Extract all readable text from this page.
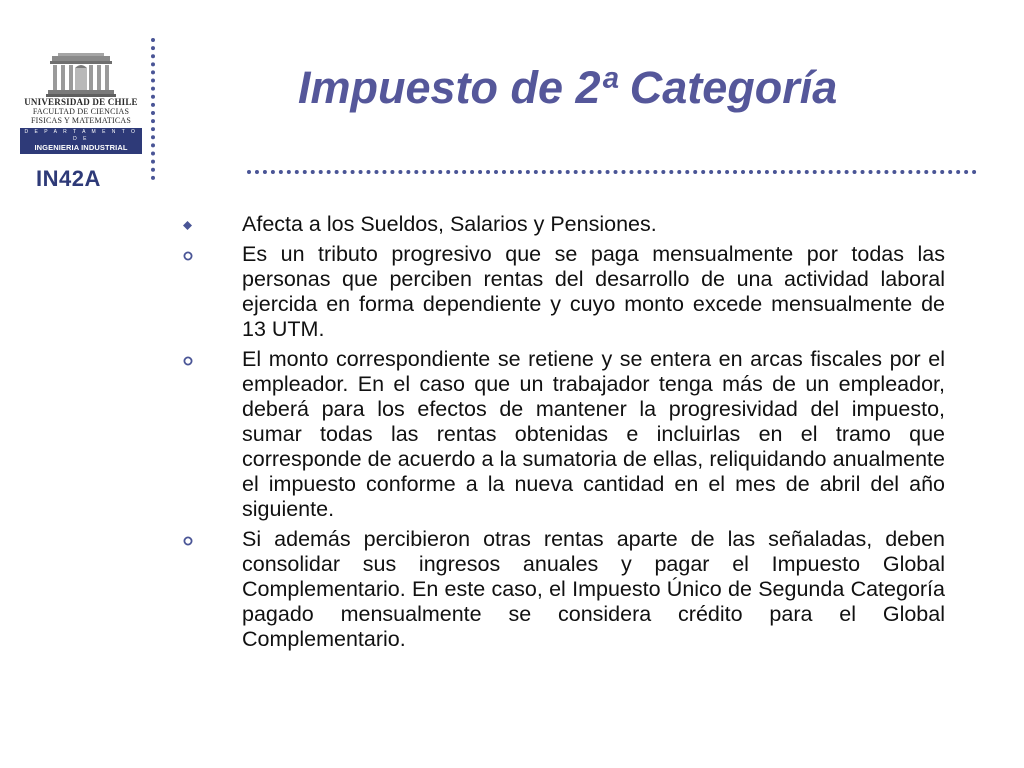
UNIVERSIDAD DE CHILE
FACULTAD DE CIENCIAS
FISICAS Y MATEMATICAS
D E P A R T A M E N T O D E
INGENIERIA INDUSTRIAL
IN42A
Impuesto de 2ª Categoría
Afecta a los Sueldos, Salarios y Pensiones.
Es un tributo progresivo que se paga mensualmente por todas las personas que perciben rentas del desarrollo de una actividad laboral ejercida en forma dependiente y cuyo monto excede mensualmente de 13 UTM.
El monto correspondiente se retiene y se entera en arcas fiscales por el empleador. En el caso que un trabajador tenga más de un empleador, deberá para los efectos de mantener la progresividad del impuesto, sumar todas las rentas obtenidas e incluirlas en el tramo que corresponde de acuerdo a la sumatoria de ellas, reliquidando anualmente el impuesto conforme a la nueva cantidad en el mes de abril del año siguiente.
Si además percibieron otras rentas aparte de las señaladas, deben consolidar sus ingresos anuales y pagar el Impuesto Global Complementario. En este caso, el Impuesto Único de Segunda Categoría pagado mensualmente se considera crédito para el Global Complementario.
